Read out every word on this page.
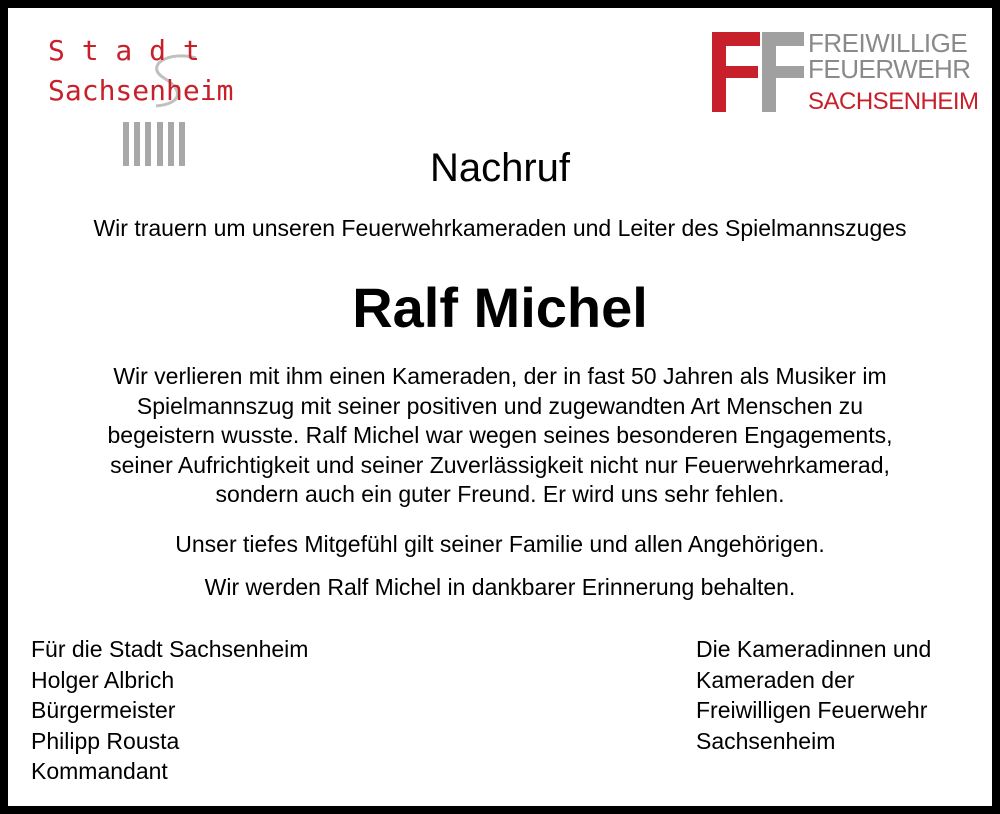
S t a d t
Sachsenheim
FREIWILLIGE
FEUERWEHR
SACHSENHEIM
Nachruf
Wir trauern um unseren Feuerwehrkameraden und Leiter des Spielmannszuges
Ralf Michel
Wir verlieren mit ihm einen Kameraden, der in fast 50 Jahren als Musiker im
Spielmannszug mit seiner positiven und zugewandten Art Menschen zu
begeistern wusste. Ralf Michel war wegen seines besonderen Engagements,
seiner Aufrichtigkeit und seiner Zuverlässigkeit nicht nur Feuerwehrkamerad,
sondern auch ein guter Freund. Er wird uns sehr fehlen.
Unser tiefes Mitgefühl gilt seiner Familie und allen Angehörigen.
Wir werden Ralf Michel in dankbarer Erinnerung behalten.
Für die Stadt Sachsenheim
Holger Albrich
Bürgermeister
Philipp Rousta
Kommandant
Die Kameradinnen und
Kameraden der
Freiwilligen Feuerwehr
Sachsenheim
